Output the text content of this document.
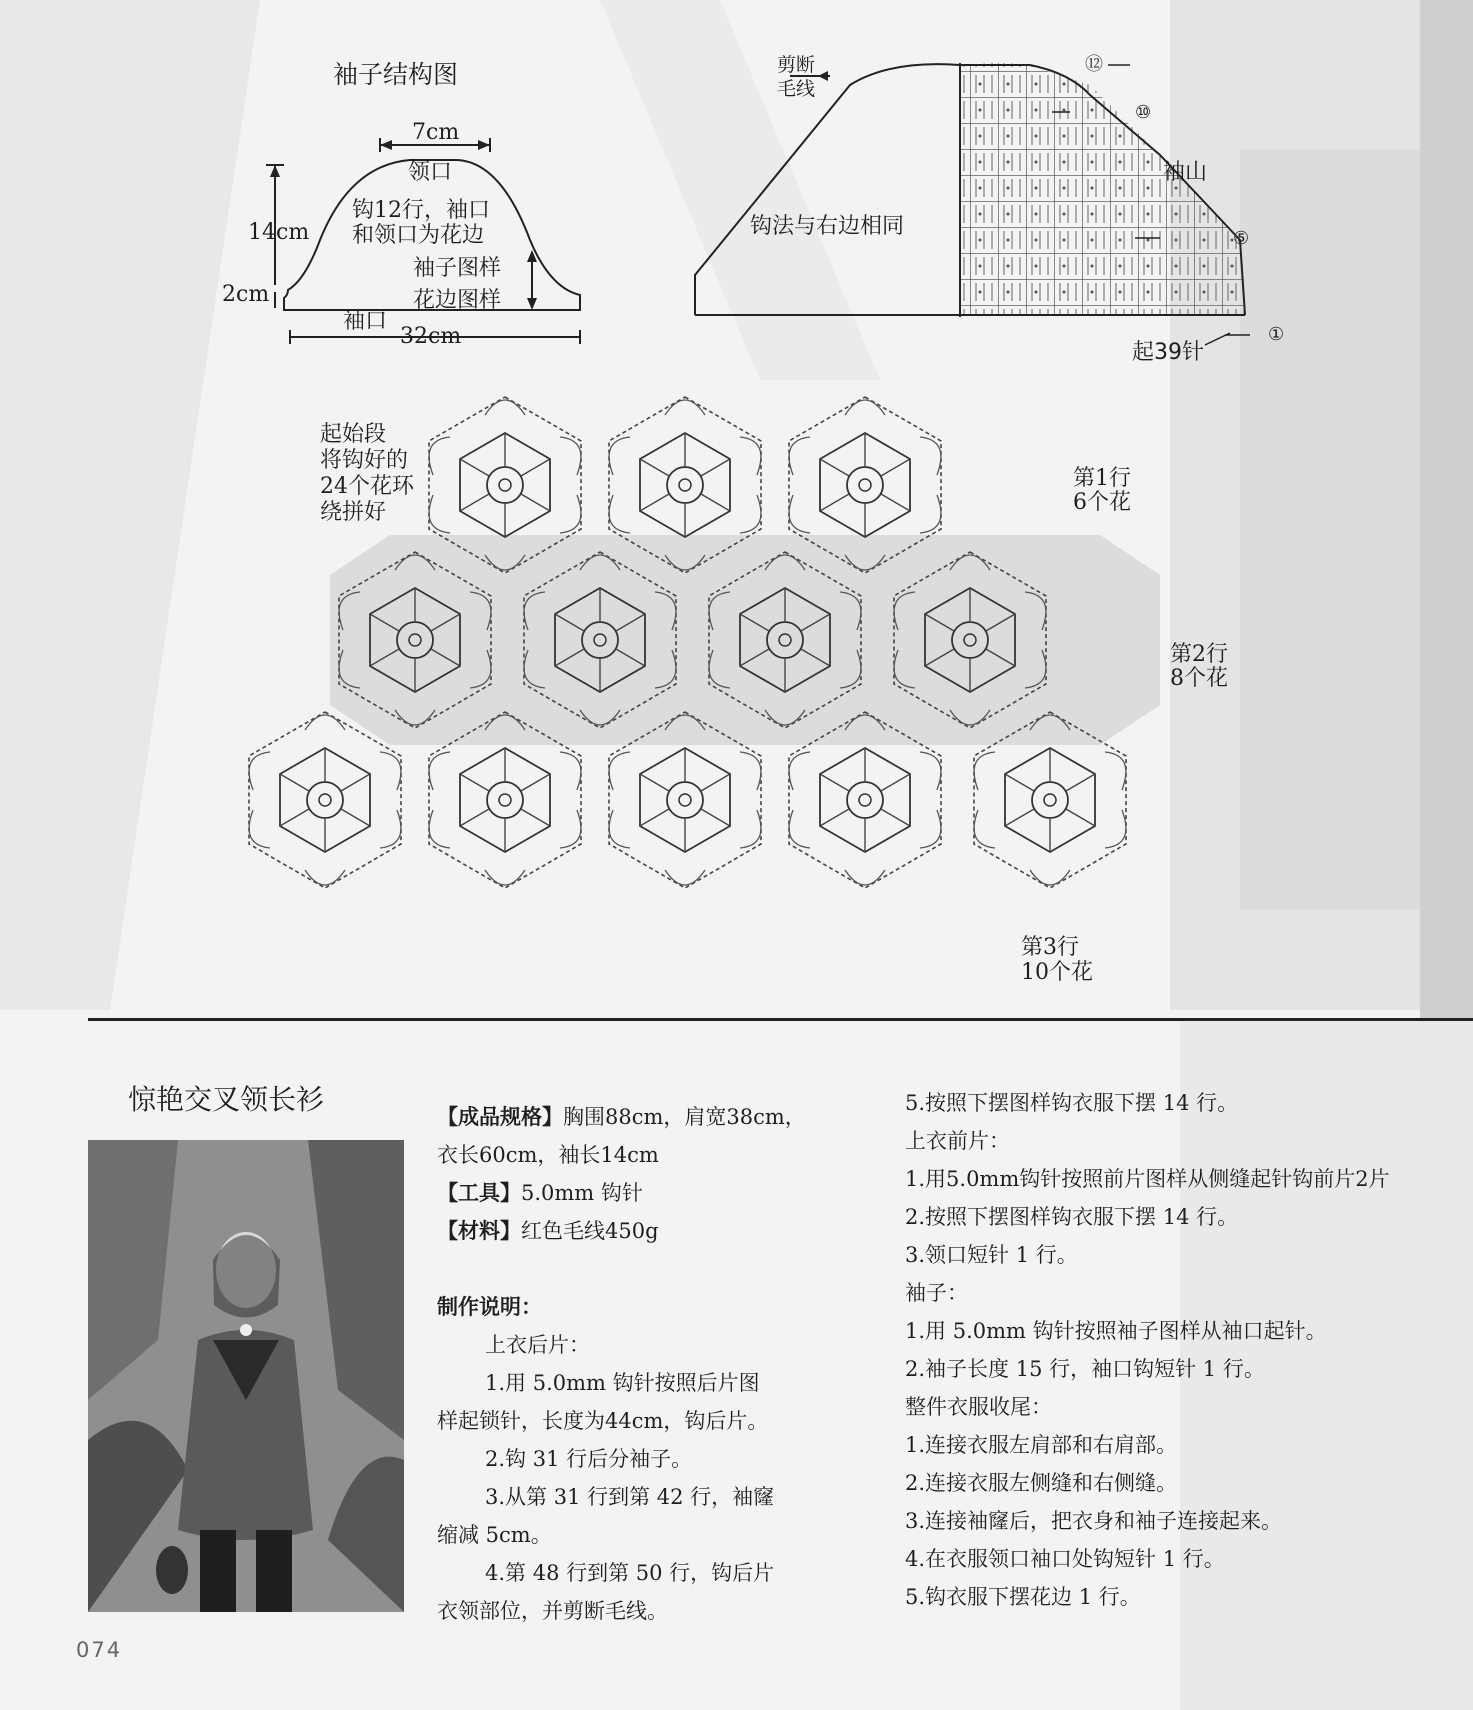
袖子结构图
7cm
领口
14cm
钩12行，袖口
和领口为花边
袖子图样
花边图样
2cm
袖口
32cm
剪断
毛线
钩法与右边相同
袖山
⑫
⑩
⑤
①
起39针
起始段
将钩好的
24个花环
绕拼好
第1行
6个花
第2行
8个花
第3行
10个花
惊艳交叉领长衫
【成品规格】胸围88cm，肩宽38cm，
衣长60cm，袖长14cm
【工具】5.0mm 钩针
【材料】红色毛线450g
制作说明：
上衣后片：
1.用 5.0mm 钩针按照后片图
样起锁针，长度为44cm，钩后片。
2.钩 31 行后分袖子。
3.从第 31 行到第 42 行，袖窿
缩减 5cm。
4.第 48 行到第 50 行，钩后片
衣领部位，并剪断毛线。
5.按照下摆图样钩衣服下摆 14 行。
上衣前片：
1.用5.0mm钩针按照前片图样从侧缝起针钩前片2片
2.按照下摆图样钩衣服下摆 14 行。
3.领口短针 1 行。
袖子：
1.用 5.0mm 钩针按照袖子图样从袖口起针。
2.袖子长度 15 行，袖口钩短针 1 行。
整件衣服收尾：
1.连接衣服左肩部和右肩部。
2.连接衣服左侧缝和右侧缝。
3.连接袖窿后，把衣身和袖子连接起来。
4.在衣服领口袖口处钩短针 1 行。
5.钩衣服下摆花边 1 行。
074
